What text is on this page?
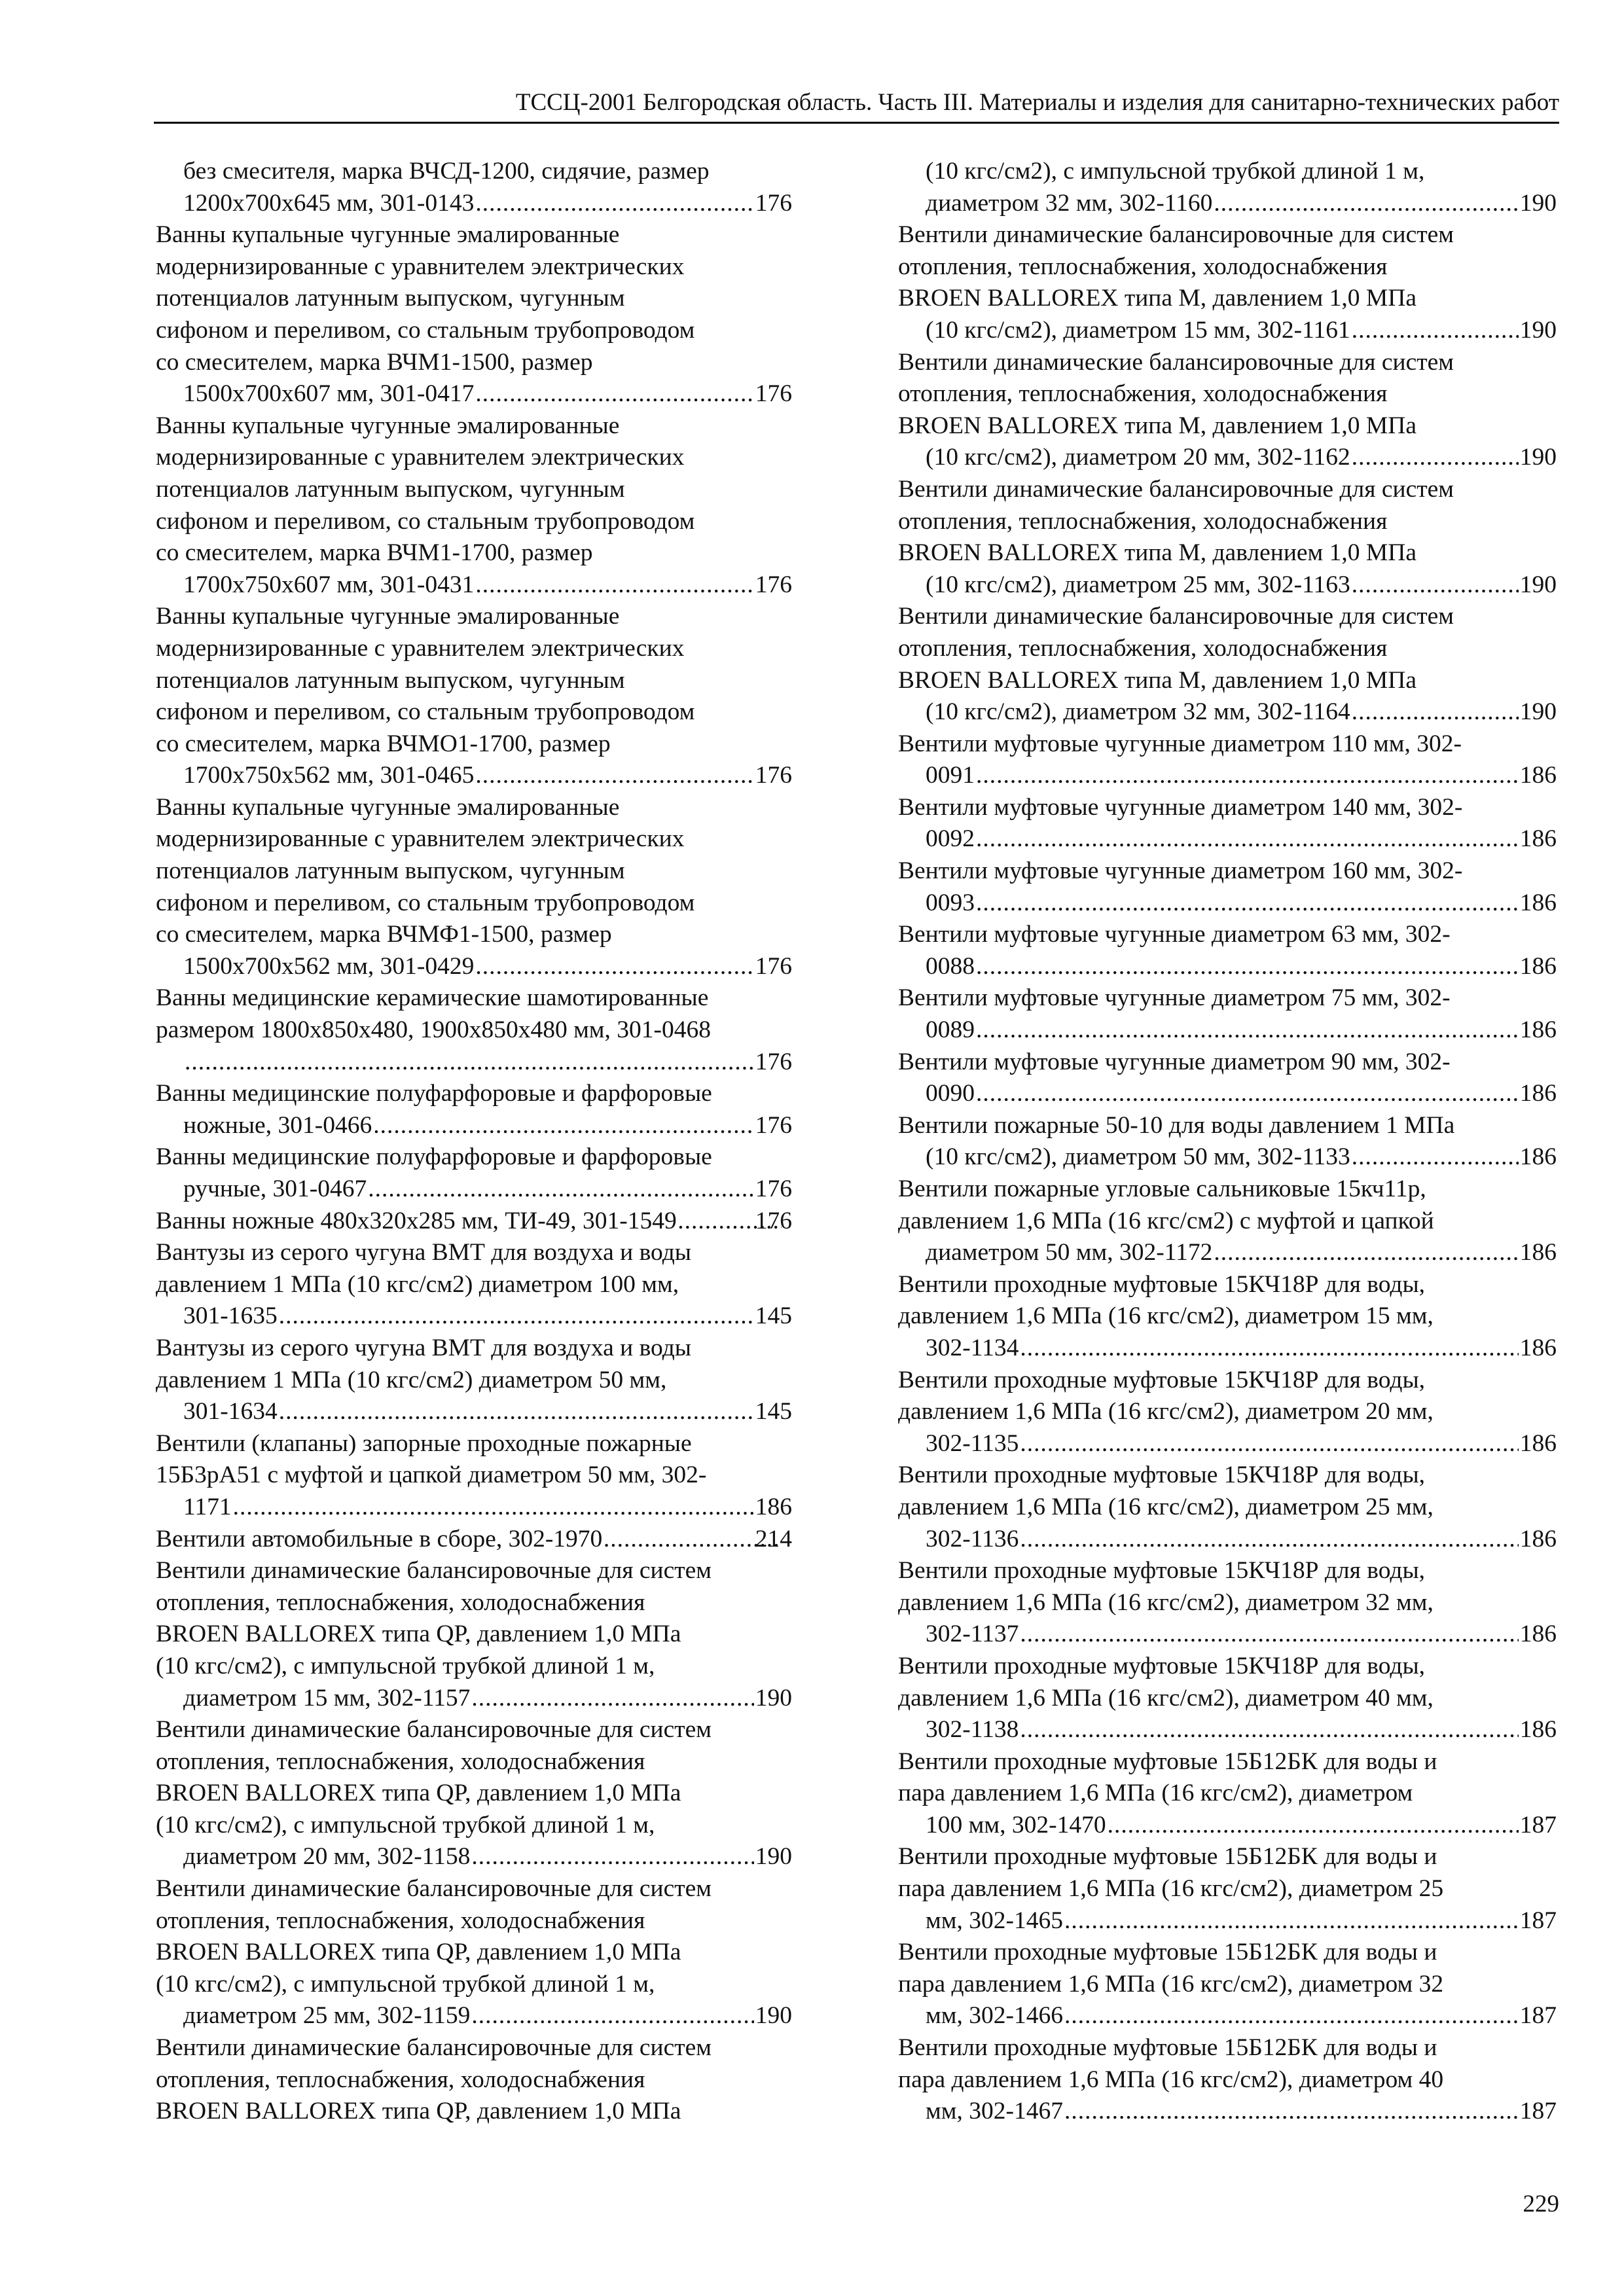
ТССЦ-2001 Белгородская область. Часть III. Материалы и изделия для санитарно-технических работ
без смесителя, марка ВЧСД-1200, сидячие, размер
1200х700х645 мм, 301-0143 .....	176
Ванны купальные чугунные эмалированные
модернизированные с уравнителем электрических
потенциалов латунным выпуском, чугунным
сифоном и переливом, со стальным трубопроводом
со смесителем, марка ВЧМ1-1500, размер
1500х700х607 мм, 301-0417 .....	176
Ванны купальные чугунные эмалированные
модернизированные с уравнителем электрических
потенциалов латунным выпуском, чугунным
сифоном и переливом, со стальным трубопроводом
со смесителем, марка ВЧМ1-1700, размер
1700х750х607 мм, 301-0431 .....	176
Ванны купальные чугунные эмалированные
модернизированные с уравнителем электрических
потенциалов латунным выпуском, чугунным
сифоном и переливом, со стальным трубопроводом
со смесителем, марка ВЧМО1-1700, размер
1700х750х562 мм, 301-0465 .....	176
Ванны купальные чугунные эмалированные
модернизированные с уравнителем электрических
потенциалов латунным выпуском, чугунным
сифоном и переливом, со стальным трубопроводом
со смесителем, марка ВЧМФ1-1500, размер
1500х700х562 мм, 301-0429 .....	176
Ванны медицинские керамические шамотированные
размером 1800х850х480, 1900х850х480 мм, 301-0468
.....
176
Ванны медицинские полуфарфоровые и фарфоровые
ножные, 301-0466 .....	176
Ванны медицинские полуфарфоровые и фарфоровые
ручные, 301-0467 .....	176
Ванны ножные 480х320х285 мм, ТИ-49, 301-1549 .....	176
Вантузы из серого чугуна ВМТ для воздуха и воды
давлением 1 МПа (10 кгс/см2) диаметром 100 мм,
301-1635 .....	145
Вантузы из серого чугуна ВМТ для воздуха и воды
давлением 1 МПа (10 кгс/см2) диаметром 50 мм,
301-1634 .....	145
Вентили (клапаны) запорные проходные пожарные
15Б3рА51 с муфтой и цапкой диаметром 50 мм, 302-
1171 .....	186
Вентили автомобильные в сборе, 302-1970 .....	214
Вентили динамические балансировочные для систем
отопления, теплоснабжения, холодоснабжения
BROEN BALLOREX типа QP, давлением 1,0 МПа
(10 кгс/см2), с импульсной трубкой длиной 1 м,
диаметром 15 мм, 302-1157 .....	190
Вентили динамические балансировочные для систем
отопления, теплоснабжения, холодоснабжения
BROEN BALLOREX типа QP, давлением 1,0 МПа
(10 кгс/см2), с импульсной трубкой длиной 1 м,
диаметром 20 мм, 302-1158 .....	190
Вентили динамические балансировочные для систем
отопления, теплоснабжения, холодоснабжения
BROEN BALLOREX типа QP, давлением 1,0 МПа
(10 кгс/см2), с импульсной трубкой длиной 1 м,
диаметром 25 мм, 302-1159 .....	190
Вентили динамические балансировочные для систем
отопления, теплоснабжения, холодоснабжения
BROEN BALLOREX типа QP, давлением 1,0 МПа
(10 кгс/см2), с импульсной трубкой длиной 1 м,
диаметром 32 мм, 302-1160 .....	190
Вентили динамические балансировочные для систем
отопления, теплоснабжения, холодоснабжения
BROEN BALLOREX типа М, давлением 1,0 МПа
(10 кгс/см2), диаметром 15 мм, 302-1161 .....	190
Вентили динамические балансировочные для систем
отопления, теплоснабжения, холодоснабжения
BROEN BALLOREX типа М, давлением 1,0 МПа
(10 кгс/см2), диаметром 20 мм, 302-1162 .....	190
Вентили динамические балансировочные для систем
отопления, теплоснабжения, холодоснабжения
BROEN BALLOREX типа М, давлением 1,0 МПа
(10 кгс/см2), диаметром 25 мм, 302-1163 .....	190
Вентили динамические балансировочные для систем
отопления, теплоснабжения, холодоснабжения
BROEN BALLOREX типа М, давлением 1,0 МПа
(10 кгс/см2), диаметром 32 мм, 302-1164 .....	190
Вентили муфтовые чугунные диаметром 110 мм, 302-
0091 .....	186
Вентили муфтовые чугунные диаметром 140 мм, 302-
0092 .....	186
Вентили муфтовые чугунные диаметром 160 мм, 302-
0093 .....	186
Вентили муфтовые чугунные диаметром 63 мм, 302-
0088 .....	186
Вентили муфтовые чугунные диаметром 75 мм, 302-
0089 .....	186
Вентили муфтовые чугунные диаметром 90 мм, 302-
0090 .....	186
Вентили пожарные 50-10 для воды давлением 1 МПа
(10 кгс/см2), диаметром 50 мм, 302-1133 .....	186
Вентили пожарные угловые сальниковые 15кч11р,
давлением 1,6 МПа (16 кгс/см2) с муфтой и цапкой
диаметром 50 мм, 302-1172 .....	186
Вентили проходные муфтовые 15КЧ18Р для воды,
давлением 1,6 МПа (16 кгс/см2), диаметром 15 мм,
302-1134 .....	186
Вентили проходные муфтовые 15КЧ18Р для воды,
давлением 1,6 МПа (16 кгс/см2), диаметром 20 мм,
302-1135 .....	186
Вентили проходные муфтовые 15КЧ18Р для воды,
давлением 1,6 МПа (16 кгс/см2), диаметром 25 мм,
302-1136 .....	186
Вентили проходные муфтовые 15КЧ18Р для воды,
давлением 1,6 МПа (16 кгс/см2), диаметром 32 мм,
302-1137 .....	186
Вентили проходные муфтовые 15КЧ18Р для воды,
давлением 1,6 МПа (16 кгс/см2), диаметром 40 мм,
302-1138 .....	186
Вентили проходные муфтовые 15Б12БК для воды и
пара давлением 1,6 МПа (16 кгс/см2), диаметром
100 мм, 302-1470 .....	187
Вентили проходные муфтовые 15Б12БК для воды и
пара давлением 1,6 МПа (16 кгс/см2), диаметром 25
мм, 302-1465 .....	187
Вентили проходные муфтовые 15Б12БК для воды и
пара давлением 1,6 МПа (16 кгс/см2), диаметром 32
мм, 302-1466 .....	187
Вентили проходные муфтовые 15Б12БК для воды и
пара давлением 1,6 МПа (16 кгс/см2), диаметром 40
мм, 302-1467 .....	187
229
